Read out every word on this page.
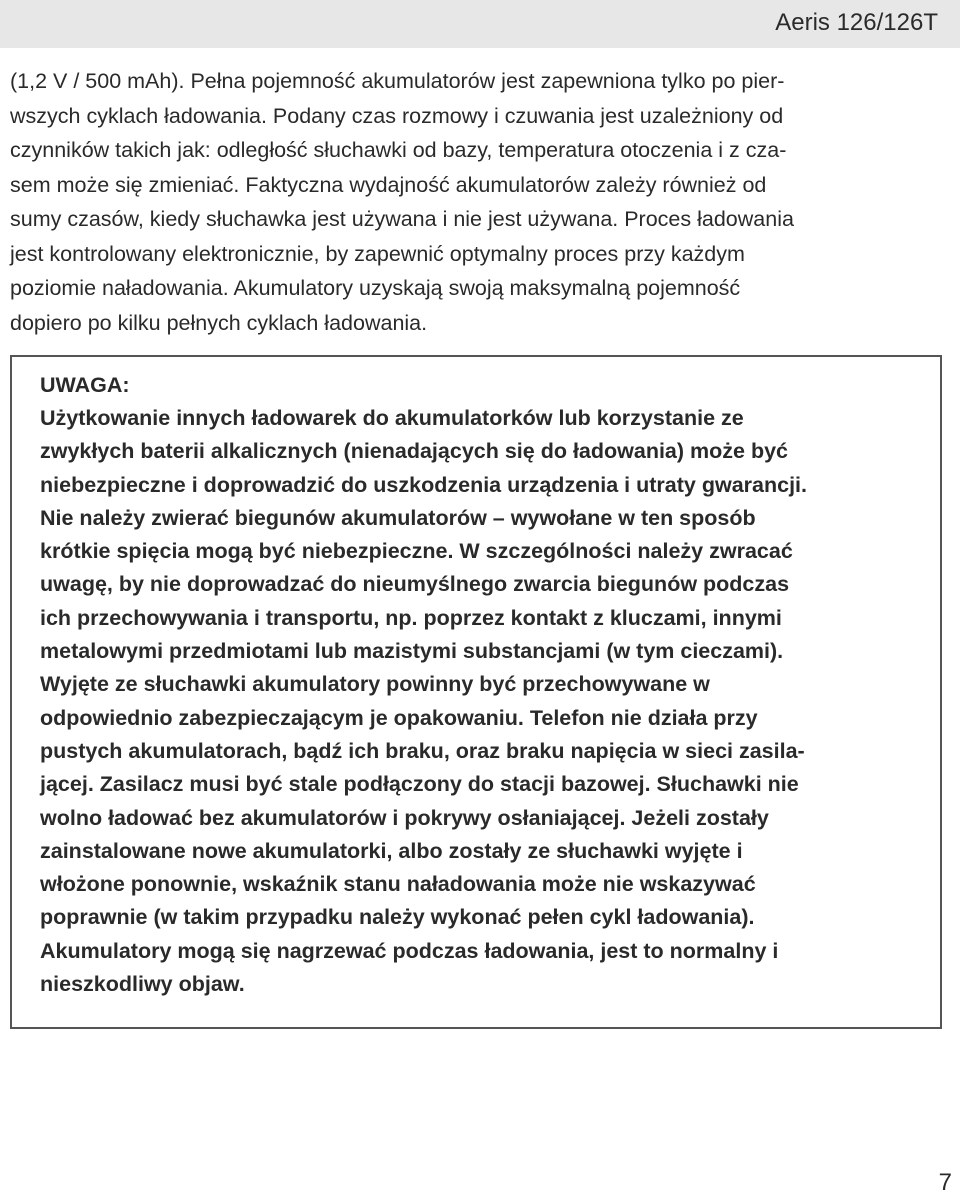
Aeris 126/126T
(1,2 V / 500 mAh). Pełna pojemność akumulatorów jest zapewniona tylko po pier-
wszych cyklach ładowania. Podany czas rozmowy i czuwania jest uzależniony od
czynników takich jak: odległość słuchawki od bazy, temperatura otoczenia i z cza-
sem może się zmieniać. Faktyczna wydajność akumulatorów zależy również od
sumy czasów, kiedy słuchawka jest używana i nie jest używana. Proces ładowania
jest kontrolowany elektronicznie, by zapewnić optymalny proces przy każdym
poziomie naładowania. Akumulatory uzyskają swoją maksymalną pojemność
dopiero po kilku pełnych cyklach ładowania.
UWAGA:
Użytkowanie innych ładowarek do akumulatorków lub korzystanie ze
zwykłych baterii alkalicznych (nienadających się do ładowania) może być
niebezpieczne i doprowadzić do uszkodzenia urządzenia i utraty gwarancji.
Nie należy zwierać biegunów akumulatorów – wywołane w ten sposób
krótkie spięcia mogą być niebezpieczne. W szczególności należy zwracać
uwagę, by nie doprowadzać do nieumyślnego zwarcia biegunów podczas
ich przechowywania i transportu, np. poprzez kontakt z kluczami, innymi
metalowymi przedmiotami lub mazistymi substancjami (w tym cieczami).
Wyjęte ze słuchawki akumulatory powinny być przechowywane w
odpowiednio zabezpieczającym je opakowaniu. Telefon nie działa przy
pustych akumulatorach, bądź ich braku, oraz braku napięcia w sieci zasila-
jącej. Zasilacz musi być stale podłączony do stacji bazowej. Słuchawki nie
wolno ładować bez akumulatorów i pokrywy osłaniającej. Jeżeli zostały
zainstalowane nowe akumulatorki, albo zostały ze słuchawki wyjęte i
włożone ponownie, wskaźnik stanu naładowania może nie wskazywać
poprawnie (w takim przypadku należy wykonać pełen cykl ładowania).
Akumulatory mogą się nagrzewać podczas ładowania, jest to normalny i
nieszkodliwy objaw.
7
